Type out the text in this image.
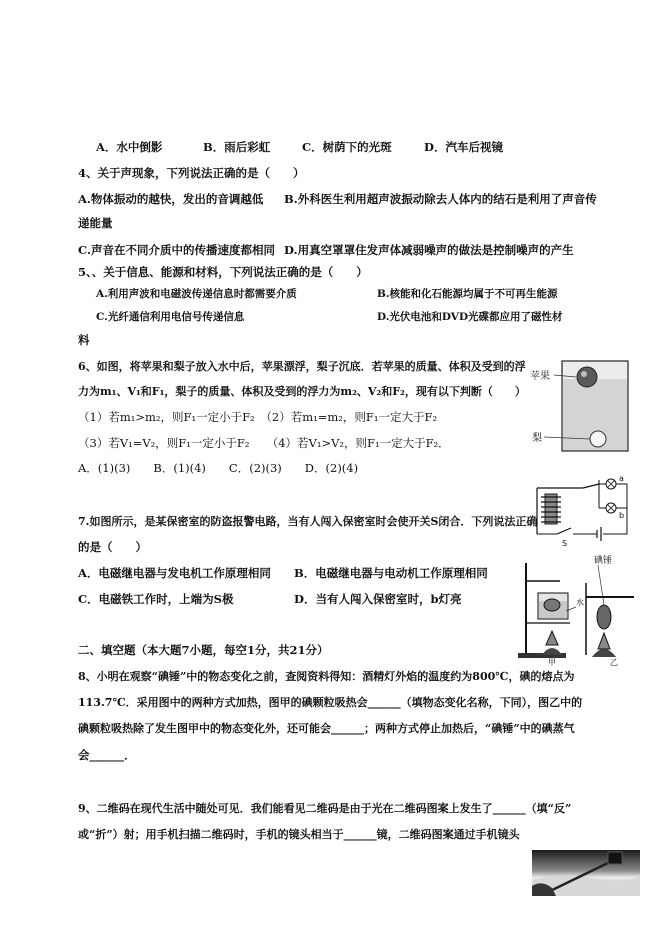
A．水中倒影	B．雨后彩虹	C．树荫下的光斑	D．汽车后视镜
4、关于声现象，下列说法正确的是（　　）
A.物体振动的越快，发出的音调越低 B.外科医生利用超声波振动除去人体内的结石是利用了声音传
递能量
C.声音在不同介质中的传播速度都相同 D.用真空罩罩住发声体减弱噪声的做法是控制噪声的产生
5、、关于信息、能源和材料，下列说法正确的是（　　）
A.利用声波和电磁波传递信息时都需要介质	B.核能和化石能源均属于不可再生能源
C.光纤通信利用电信号传递信息	D.光伏电池和DVD光碟都应用了磁性材
料
6、如图，将苹果和梨子放入水中后，苹果漂浮，梨子沉底．若苹果的质量、体积及受到的浮
力为m₁、V₁和F₁，梨子的质量、体积及受到的浮力为m₂、V₂和F₂，现有以下判断（　　）
（1）若m₁>m₂，则F₁一定小于F₂　（2）若m₁=m₂，则F₁一定大于F₂
（3）若V₁=V₂，则F₁一定小于F₂　　（4）若V₁>V₂，则F₁一定大于F₂．
A．(1)(3)　　B．(1)(4)　　C．(2)(3)　　D．(2)(4)
苹果
梨
7.如图所示，是某保密室的防盗报警电路，当有人闯入保密室时会使开关S闭合．下列说法正确
的是（　　）
A．电磁继电器与发电机工作原理相同 B．电磁继电器与电动机工作原理相同
C．电磁铁工作时，上端为S极	D．当有人闯入保密室时，b灯亮
S
a
b
碘锤
水
甲	乙
二、填空题（本大题7小题，每空1分，共21分）
8、小明在观察“碘锤”中的物态变化之前，查阅资料得知：酒精灯外焰的温度约为800℃，碘的熔点为
113.7℃．采用图中的两种方式加热，图甲的碘颗粒吸热会______（填物态变化名称，下同），图乙中的
碘颗粒吸热除了发生图甲中的物态变化外，还可能会______；两种方式停止加热后，“碘锤”中的碘蒸气
会______．
9、二维码在现代生活中随处可见．我们能看见二维码是由于光在二维码图案上发生了______（填“反”
或“折”）射；用手机扫描二维码时，手机的镜头相当于______镜，二维码图案通过手机镜头
